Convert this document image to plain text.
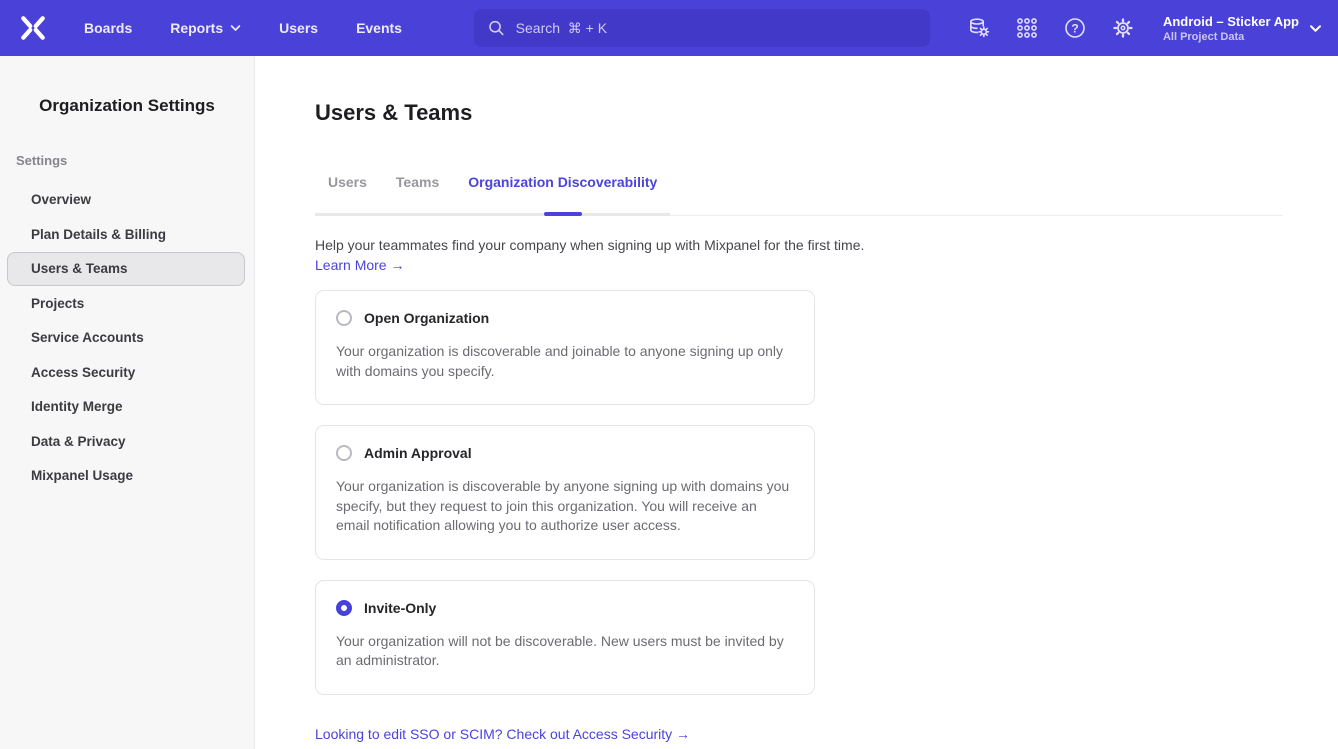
Boards	Reports	Users	Events
Search ⌘ + K	?	Android – Sticker App
All Project Data
Organization Settings
Settings
Overview
Plan Details & Billing
Users & Teams
Projects
Service Accounts
Access Security
Identity Merge
Data & Privacy
Mixpanel Usage
Users & Teams
Users Teams Organization Discoverability

Help your teammates find your company when signing up with Mixpanel for the first time.

Learn More →
Open Organization

Your organization is discoverable and joinable to anyone signing up only with domains you specify.

Admin Approval

Your organization is discoverable by anyone signing up with domains you specify, but they request to join this organization. You will receive an email notification allowing you to authorize user access.

Invite-Only

Your organization will not be discoverable. New users must be invited by an administrator.

Looking to edit SSO or SCIM? Check out Access Security →
